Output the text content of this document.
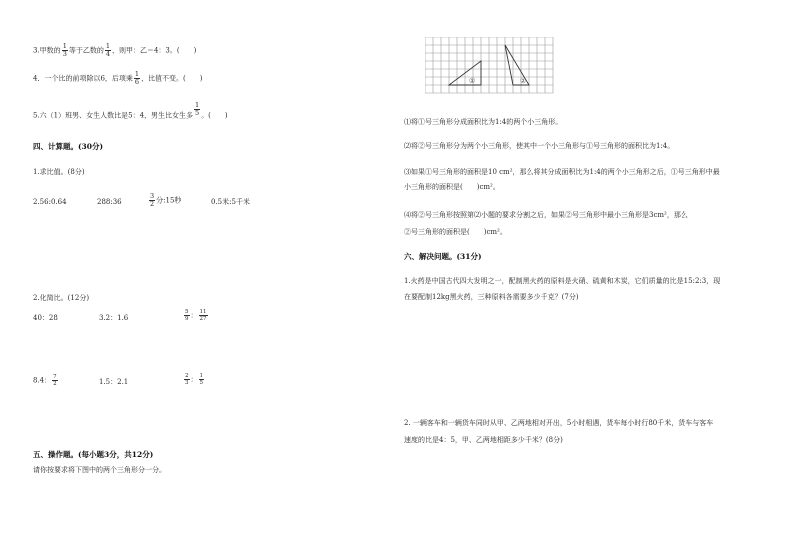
3.甲数的 $\frac{1}{3}$ 等于乙数的 $\frac{1}{4}$ ，则甲：乙＝4：3。(　　)
4．一个比的前项除以6，后项乘 $\frac{1}{6}$ ，比值不变。(　　)
5.六（1）班男、女生人数比是5：4，男生比女生多 $\frac{1}{5}$ 。(　　)
四、计算题。(30分)
1.求比值。(8分)
2.56:0.64	288:36	$\frac{3}{2}$ 分:15秒	0.5米:5千米
2.化简比。(12分)
40：28	3.2：1.6	$\frac{5}{9}$ ： $\frac{11}{27}$
8.4： $\frac{7}{2}$	1.5：2.1	$\frac{2}{3}$ ： $\frac{1}{5}$
五、操作题。(每小题3分，共12分)
请你按要求将下图中的两个三角形分一分。
①	②
⑴将①号三角形分成面积比为1:4的两个小三角形。
⑵将②号三角形分为两个小三角形，使其中一个小三角形与①号三角形的面积比为1:4。
⑶如果①号三角形的面积是10 cm²，那么将其分成面积比为1:4的两个小三角形之后，①号三角形中最
小三角形的面积是(　　)cm²。
⑷将②号三角形按照第⑵小题的要求分割之后，如果②号三角形中最小三角形是3cm²，那么
②号三角形的面积是(　　)cm²。
六、解决问题。(31分)
1.火药是中国古代四大发明之一，配制黑火药的原料是火硝、硫黄和木炭，它们质量的比是15:2:3，现
在要配制12kg黑火药，三种原料各需要多少千克？(7分)
2. 一辆客车和一辆货车同时从甲、乙两地相对开出，5小时相遇，货车每小时行80千米，货车与客车
速度的比是4：5，甲、乙两地相距多少千米？(8分)
